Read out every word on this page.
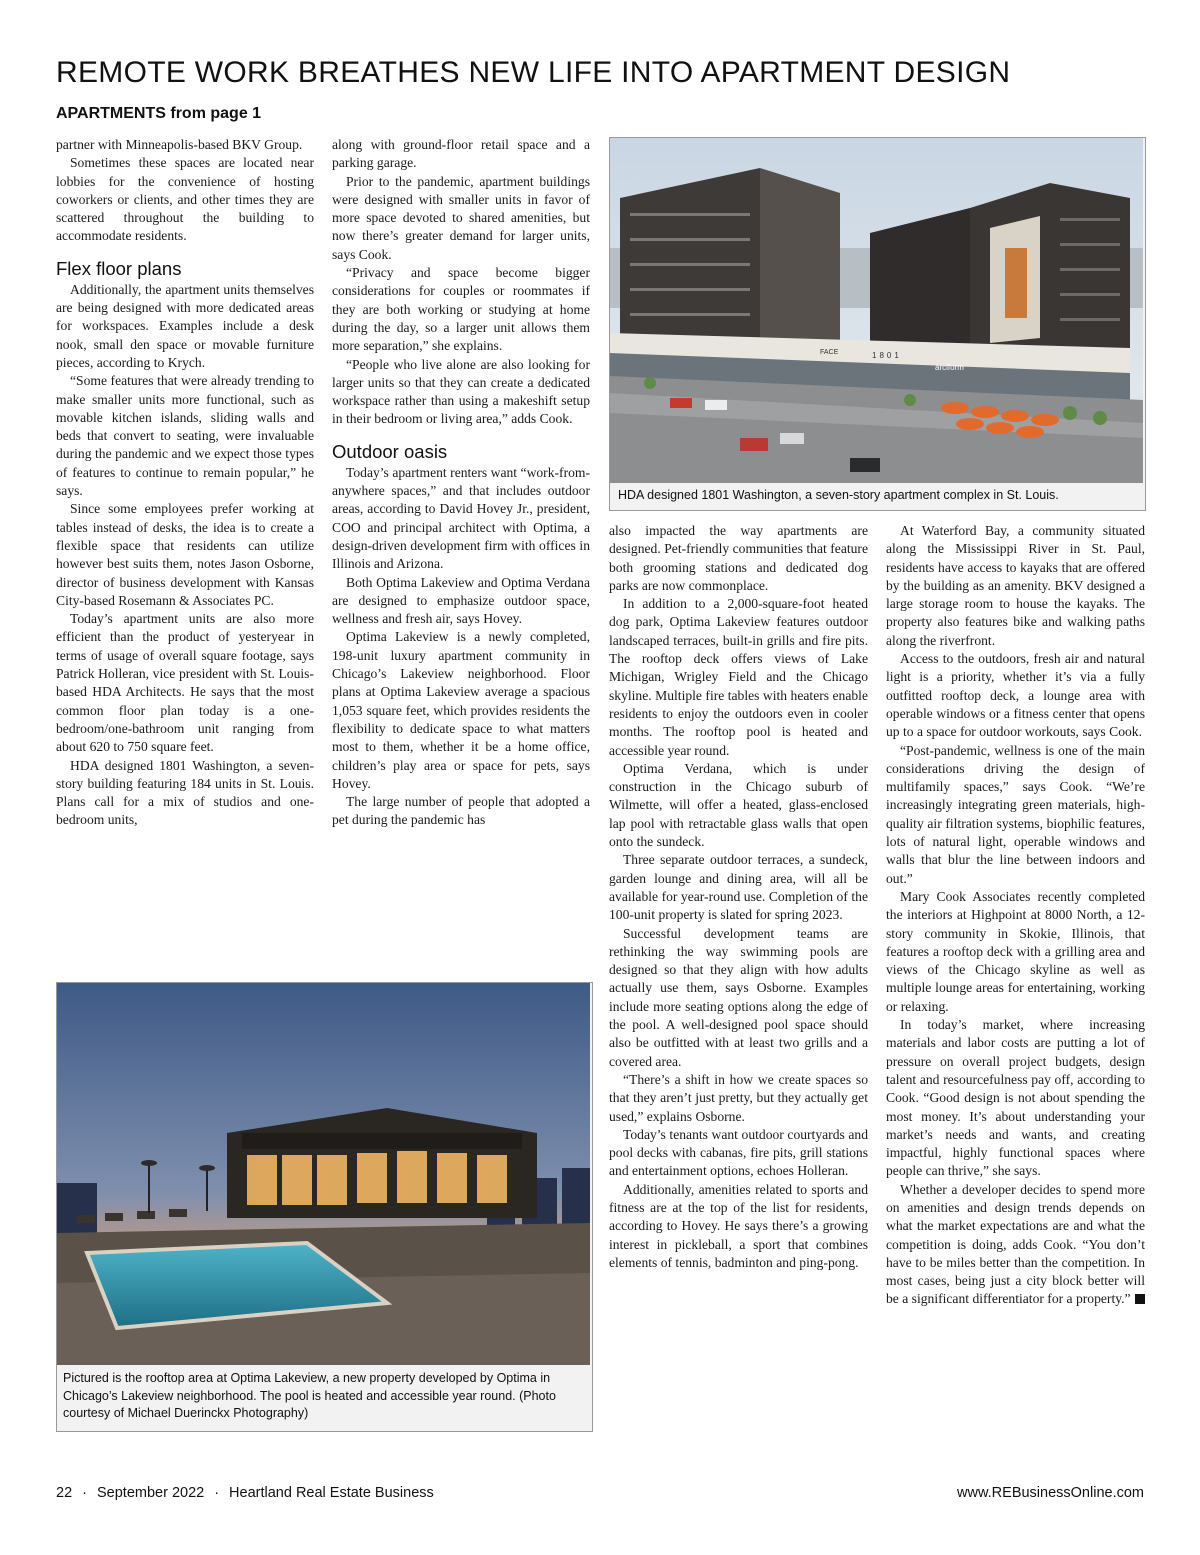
REMOTE WORK BREATHES NEW LIFE INTO APARTMENT DESIGN
APARTMENTS from page 1

partner with Minneapolis-based BKV Group.

Sometimes these spaces are located near lobbies for the convenience of hosting coworkers or clients, and other times they are scattered throughout the building to accommodate residents.

Flex floor plans

Additionally, the apartment units themselves are being designed with more dedicated areas for workspaces. Examples include a desk nook, small den space or movable furniture pieces, according to Krych.

“Some features that were already trending to make smaller units more functional, such as movable kitchen islands, sliding walls and beds that convert to seating, were invaluable during the pandemic and we expect those types of features to continue to remain popular,” he says.

Since some employees prefer working at tables instead of desks, the idea is to create a flexible space that residents can utilize however best suits them, notes Jason Osborne, director of business development with Kansas City-based Rosemann & Associates PC.

Today’s apartment units are also more efficient than the product of yesteryear in terms of usage of overall square footage, says Patrick Holleran, vice president with St. Louis-based HDA Architects. He says that the most common floor plan today is a one-bedroom/one-bathroom unit ranging from about 620 to 750 square feet.

HDA designed 1801 Washington, a seven-story building featuring 184 units in St. Louis. Plans call for a mix of studios and one-bedroom units,

along with ground-floor retail space and a parking garage.

Prior to the pandemic, apartment buildings were designed with smaller units in favor of more space devoted to shared amenities, but now there’s greater demand for larger units, says Cook.

“Privacy and space become bigger considerations for couples or roommates if they are both working or studying at home during the day, so a larger unit allows them more separation,” she explains.

“People who live alone are also looking for larger units so that they can create a dedicated workspace rather than using a makeshift setup in their bedroom or living area,” adds Cook.

Outdoor oasis

Today’s apartment renters want “work-from-anywhere spaces,” and that includes outdoor areas, according to David Hovey Jr., president, COO and principal architect with Optima, a design-driven development firm with offices in Illinois and Arizona.

Both Optima Lakeview and Optima Verdana are designed to emphasize outdoor space, wellness and fresh air, says Hovey.

Optima Lakeview is a newly completed, 198-unit luxury apartment community in Chicago’s Lakeview neighborhood. Floor plans at Optima Lakeview average a spacious 1,053 square feet, which provides residents the flexibility to dedicate space to what matters most to them, whether it be a home office, children’s play area or space for pets, says Hovey.

The large number of people that adopted a pet during the pandemic has

FACE	1801
arciform
HDA designed 1801 Washington, a seven-story apartment complex in St. Louis.
Pictured is the rooftop area at Optima Lakeview, a new property developed by Optima in Chicago’s Lakeview neighborhood. The pool is heated and accessible year round. (Photo courtesy of Michael Duerinckx Photography)

also impacted the way apartments are designed. Pet-friendly communities that feature both grooming stations and dedicated dog parks are now commonplace.

In addition to a 2,000-square-foot heated dog park, Optima Lakeview features outdoor landscaped terraces, built-in grills and fire pits. The rooftop deck offers views of Lake Michigan, Wrigley Field and the Chicago skyline. Multiple fire tables with heaters enable residents to enjoy the outdoors even in cooler months. The rooftop pool is heated and accessible year round.

Optima Verdana, which is under construction in the Chicago suburb of Wilmette, will offer a heated, glass-enclosed lap pool with retractable glass walls that open onto the sundeck.

Three separate outdoor terraces, a sundeck, garden lounge and dining area, will all be available for year-round use. Completion of the 100-unit property is slated for spring 2023.

Successful development teams are rethinking the way swimming pools are designed so that they align with how adults actually use them, says Osborne. Examples include more seating options along the edge of the pool. A well-designed pool space should also be outfitted with at least two grills and a covered area.

“There’s a shift in how we create spaces so that they aren’t just pretty, but they actually get used,” explains Osborne.

Today’s tenants want outdoor courtyards and pool decks with cabanas, fire pits, grill stations and entertainment options, echoes Holleran.

Additionally, amenities related to sports and fitness are at the top of the list for residents, according to Hovey. He says there’s a growing interest in pickleball, a sport that combines elements of tennis, badminton and ping-pong.

At Waterford Bay, a community situated along the Mississippi River in St. Paul, residents have access to kayaks that are offered by the building as an amenity. BKV designed a large storage room to house the kayaks. The property also features bike and walking paths along the riverfront.

Access to the outdoors, fresh air and natural light is a priority, whether it’s via a fully outfitted rooftop deck, a lounge area with operable windows or a fitness center that opens up to a space for outdoor workouts, says Cook.

“Post-pandemic, wellness is one of the main considerations driving the design of multifamily spaces,” says Cook. “We’re increasingly integrating green materials, high-quality air filtration systems, biophilic features, lots of natural light, operable windows and walls that blur the line between indoors and out.”

Mary Cook Associates recently completed the interiors at Highpoint at 8000 North, a 12-story community in Skokie, Illinois, that features a rooftop deck with a grilling area and views of the Chicago skyline as well as multiple lounge areas for entertaining, working or relaxing.

In today’s market, where increasing materials and labor costs are putting a lot of pressure on overall project budgets, design talent and resourcefulness pay off, according to Cook. “Good design is not about spending the most money. It’s about understanding your market’s needs and wants, and creating impactful, highly functional spaces where people can thrive,” she says.

Whether a developer decides to spend more on amenities and design trends depends on what the market expectations are and what the competition is doing, adds Cook. “You don’t have to be miles better than the competition. In most cases, being just a city block better will be a significant differentiator for a property.”

22 · September 2022 · Heartland Real Estate Business	www.REBusinessOnline.com
